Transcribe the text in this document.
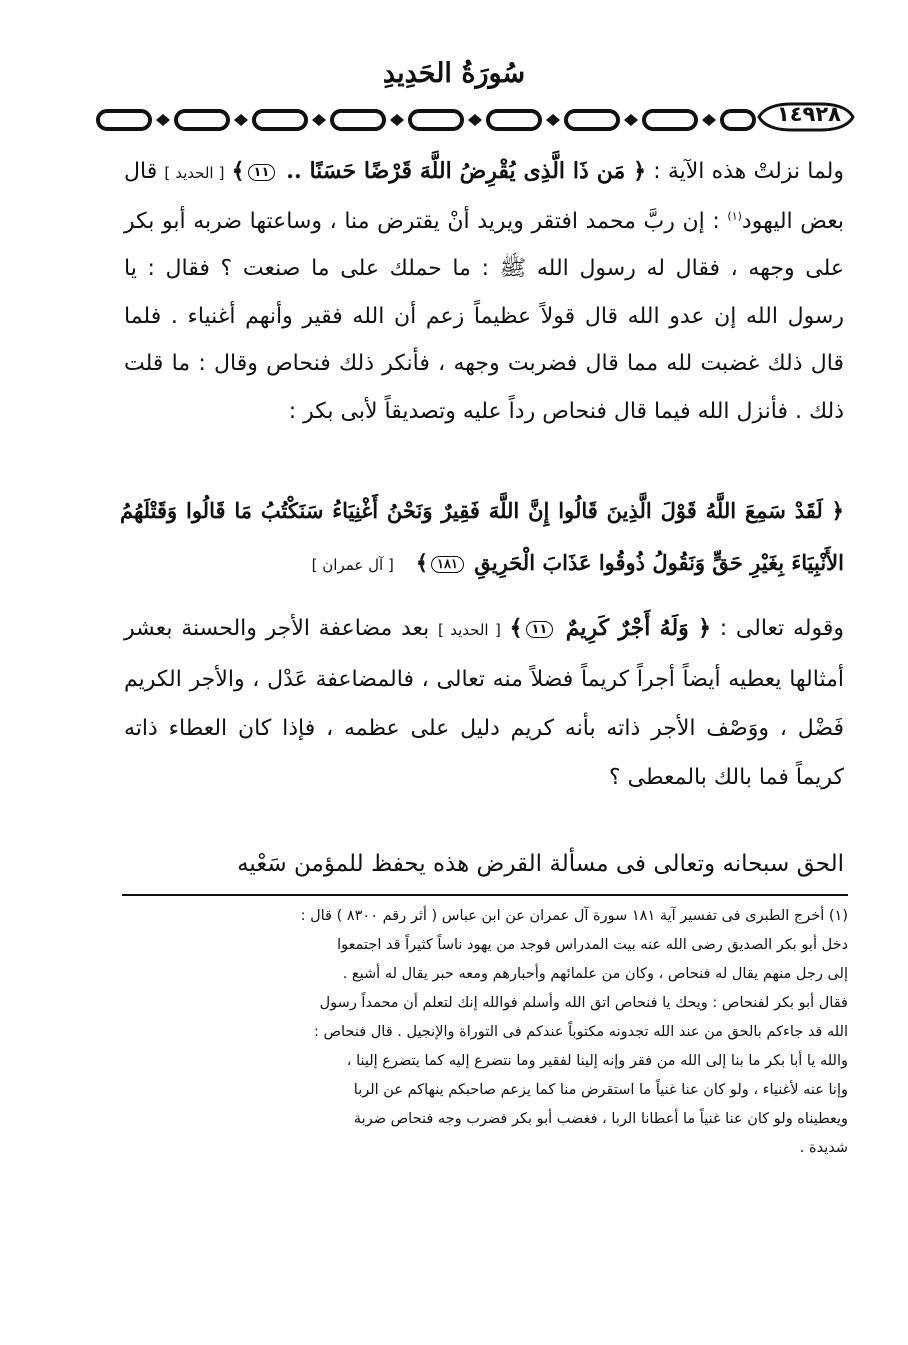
سُورَةُ الحَدِيدِ
١٤٩٢٨

ولما نزلتْ هذه الآية : ﴿ مَن ذَا الَّذِى يُقْرِضُ اللَّهَ قَرْضًا حَسَنًا .. ١١﴾ [ الحديد ] قال بعض اليهود$^{(١)}$ : إن ربَّ محمد افتقر ويريد أنْ يقترض منا ، وساعتها ضربه أبو بكر على وجهه ، فقال له رسول الله ﷺ : ما حملك على ما صنعت ؟ فقال : يا رسول الله إن عدو الله قال قولاً عظيماً زعم أن الله فقير وأنهم أغنياء . فلما قال ذلك غضبت لله مما قال فضربت وجهه ، فأنكر ذلك فنحاص وقال : ما قلت ذلك . فأنزل الله فيما قال فنحاص رداً عليه وتصديقاً لأبى بكر :

﴿ لَقَدْ سَمِعَ اللَّهُ قَوْلَ الَّذِينَ قَالُوا إِنَّ اللَّهَ فَقِيرٌ وَنَحْنُ أَغْنِيَاءُ سَنَكْتُبُ مَا قَالُوا وَقَتْلَهُمُ الأَنْبِيَاءَ بِغَيْرِ حَقٍّ وَنَقُولُ ذُوقُوا عَذَابَ الْحَرِيقِ ١٨١﴾   [ آل عمران ]

وقوله تعالى : ﴿ وَلَهُ أَجْرٌ كَرِيمٌ ١١﴾ [ الحديد ] بعد مضاعفة الأجر والحسنة بعشر أمثالها يعطيه أيضاً أجراً كريماً فضلاً منه تعالى ، فالمضاعفة عَدْل ، والأجر الكريم فَضْل ، ووَصْف الأجر ذاته بأنه كريم دليل على عظمه ، فإذا كان العطاء ذاته كريماً فما بالك بالمعطى ؟

الحق سبحانه وتعالى فى مسألة القرض هذه يحفظ للمؤمن سَعْيه

(١) أخرج الطبرى فى تفسير آية ١٨١ سورة آل عمران عن ابن عباس ( أثر رقم ٨٣٠٠ ) قال :

دخل أبو بكر الصديق رضى الله عنه بيت المدراس فوجد من يهود ناساً كثيراً قد اجتمعوا

إلى رجل منهم يقال له فنحاص ، وكان من علمائهم وأحبارهم ومعه حبر يقال له أشيع .

فقال أبو بكر لفنحاص : ويحك يا فنحاص اتق الله وأسلم فوالله إنك لتعلم أن محمداً رسول

الله قد جاءكم بالحق من عند الله تجدونه مكتوباً عندكم فى التوراة والإنجيل . قال فنحاص :

والله يا أبا بكر ما بنا إلى الله من فقر وإنه إلينا لفقير وما نتضرع إليه كما يتضرع إلينا ،

وإنا عنه لأغنياء ، ولو كان عنا غنياً ما استقرض منا كما يزعم صاحبكم ينهاكم عن الربا

ويعطيناه ولو كان عنا غنياً ما أعطانا الربا ، فغضب أبو بكر فضرب وجه فنحاص ضربة

شديدة .
